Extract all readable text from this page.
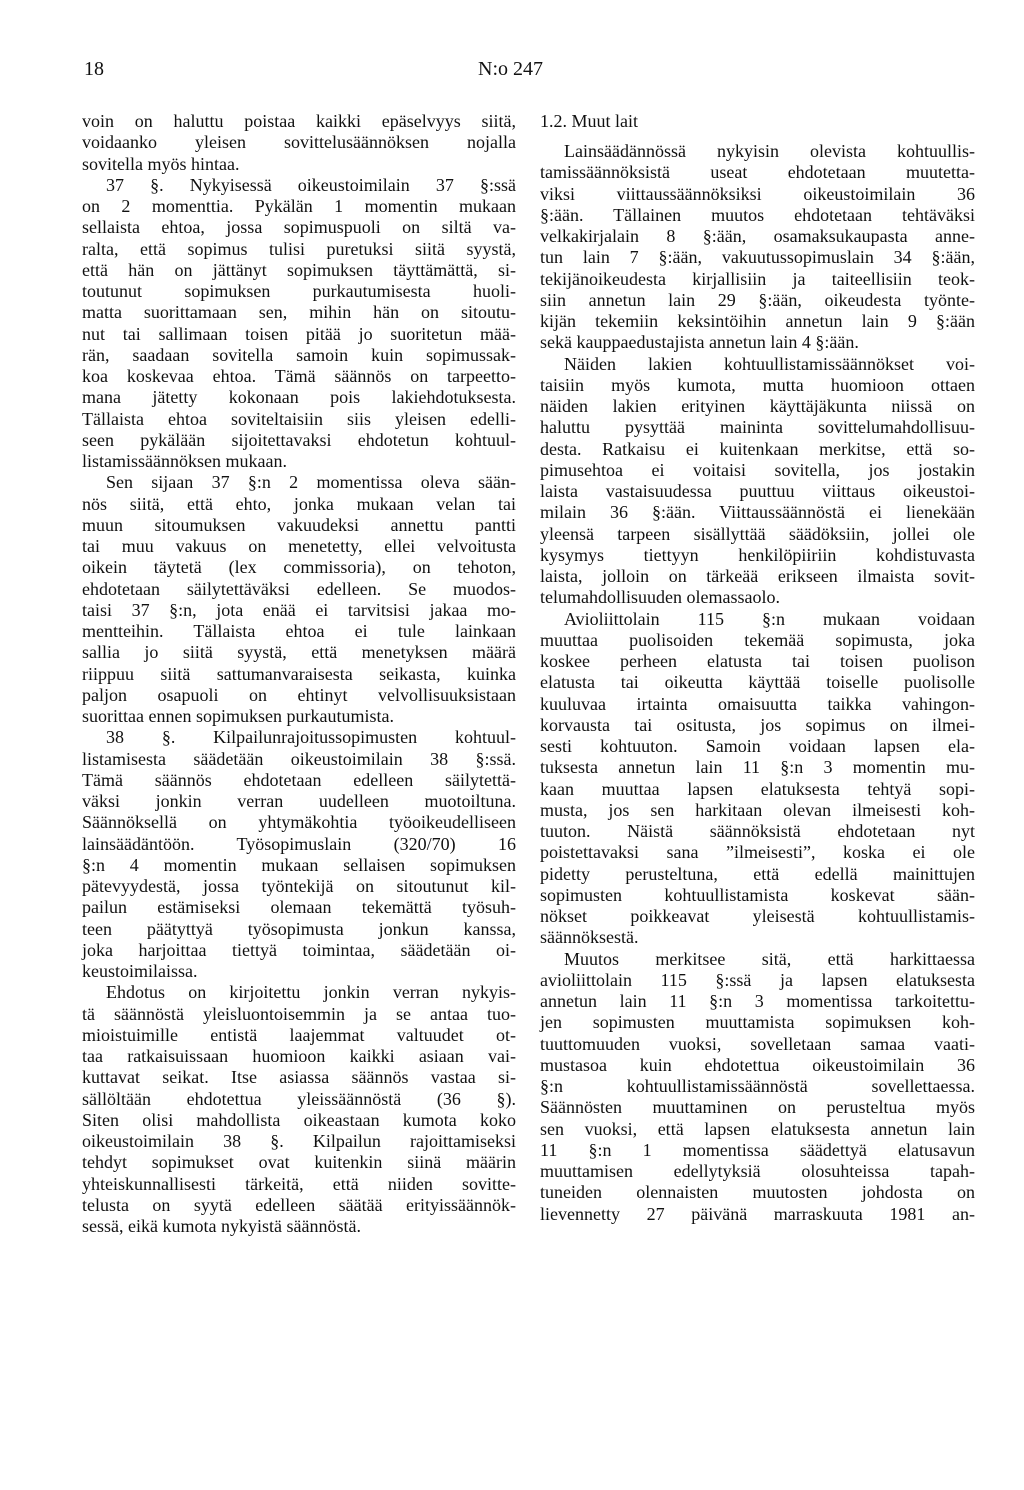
18	N:o 247
voin on haluttu poistaa kaikki epäselvyys siitä,
voidaanko yleisen sovittelusäännöksen nojalla
sovitella myös hintaa.
37 §. Nykyisessä oikeustoimilain 37 §:ssä
on 2 momenttia. Pykälän 1 momentin mukaan
sellaista ehtoa, jossa sopimuspuoli on siltä va-
ralta, että sopimus tulisi puretuksi siitä syystä,
että hän on jättänyt sopimuksen täyttämättä, si-
toutunut sopimuksen purkautumisesta huoli-
matta suorittamaan sen, mihin hän on sitoutu-
nut tai sallimaan toisen pitää jo suoritetun mää-
rän, saadaan sovitella samoin kuin sopimussak-
koa koskevaa ehtoa. Tämä säännös on tarpeetto-
mana jätetty kokonaan pois lakiehdotuksesta.
Tällaista ehtoa soviteltaisiin siis yleisen edelli-
seen pykälään sijoitettavaksi ehdotetun kohtuul-
listamissäännöksen mukaan.
Sen sijaan 37 §:n 2 momentissa oleva sään-
nös siitä, että ehto, jonka mukaan velan tai
muun sitoumuksen vakuudeksi annettu pantti
tai muu vakuus on menetetty, ellei velvoitusta
oikein täytetä (lex commissoria), on tehoton,
ehdotetaan säilytettäväksi edelleen. Se muodos-
taisi 37 §:n, jota enää ei tarvitsisi jakaa mo-
mentteihin. Tällaista ehtoa ei tule lainkaan
sallia jo siitä syystä, että menetyksen määrä
riippuu siitä sattumanvaraisesta seikasta, kuinka
paljon osapuoli on ehtinyt velvollisuuksistaan
suorittaa ennen sopimuksen purkautumista.
38 §. Kilpailunrajoitussopimusten kohtuul-
listamisesta säädetään oikeustoimilain 38 §:ssä.
Tämä säännös ehdotetaan edelleen säilytettä-
väksi jonkin verran uudelleen muotoiltuna.
Säännöksellä on yhtymäkohtia työoikeudelliseen
lainsäädäntöön. Työsopimuslain (320/70) 16
§:n 4 momentin mukaan sellaisen sopimuksen
pätevyydestä, jossa työntekijä on sitoutunut kil-
pailun estämiseksi olemaan tekemättä työsuh-
teen päätyttyä työsopimusta jonkun kanssa,
joka harjoittaa tiettyä toimintaa, säädetään oi-
keustoimilaissa.
Ehdotus on kirjoitettu jonkin verran nykyis-
tä säännöstä yleisluontoisemmin ja se antaa tuo-
mioistuimille entistä laajemmat valtuudet ot-
taa ratkaisuissaan huomioon kaikki asiaan vai-
kuttavat seikat. Itse asiassa säännös vastaa si-
sällöltään ehdotettua yleissäännöstä (36 §).
Siten olisi mahdollista oikeastaan kumota koko
oikeustoimilain 38 §. Kilpailun rajoittamiseksi
tehdyt sopimukset ovat kuitenkin siinä määrin
yhteiskunnallisesti tärkeitä, että niiden sovitte-
telusta on syytä edelleen säätää erityissäännök-
sessä, eikä kumota nykyistä säännöstä.
1.2. Muut lait
Lainsäädännössä nykyisin olevista kohtuullis-
tamissäännöksistä useat ehdotetaan muutetta-
viksi viittaussäännöksiksi oikeustoimilain 36
§:ään. Tällainen muutos ehdotetaan tehtäväksi
velkakirjalain 8 §:ään, osamaksukaupasta anne-
tun lain 7 §:ään, vakuutussopimuslain 34 §:ään,
tekijänoikeudesta kirjallisiin ja taiteellisiin teok-
siin annetun lain 29 §:ään, oikeudesta työnte-
kijän tekemiin keksintöihin annetun lain 9 §:ään
sekä kauppaedustajista annetun lain 4 §:ään.
Näiden lakien kohtuullistamissäännökset voi-
taisiin myös kumota, mutta huomioon ottaen
näiden lakien erityinen käyttäjäkunta niissä on
haluttu pysyttää maininta sovittelumahdollisuu-
desta. Ratkaisu ei kuitenkaan merkitse, että so-
pimusehtoa ei voitaisi sovitella, jos jostakin
laista vastaisuudessa puuttuu viittaus oikeustoi-
milain 36 §:ään. Viittaussäännöstä ei lienekään
yleensä tarpeen sisällyttää säädöksiin, jollei ole
kysymys tiettyyn henkilöpiiriin kohdistuvasta
laista, jolloin on tärkeää erikseen ilmaista sovit-
telumahdollisuuden olemassaolo.
Avioliittolain 115 §:n mukaan voidaan
muuttaa puolisoiden tekemää sopimusta, joka
koskee perheen elatusta tai toisen puolison
elatusta tai oikeutta käyttää toiselle puolisolle
kuuluvaa irtainta omaisuutta taikka vahingon-
korvausta tai ositusta, jos sopimus on ilmei-
sesti kohtuuton. Samoin voidaan lapsen ela-
tuksesta annetun lain 11 §:n 3 momentin mu-
kaan muuttaa lapsen elatuksesta tehtyä sopi-
musta, jos sen harkitaan olevan ilmeisesti koh-
tuuton. Näistä säännöksistä ehdotetaan nyt
poistettavaksi sana ”ilmeisesti”, koska ei ole
pidetty perusteltuna, että edellä mainittujen
sopimusten kohtuullistamista koskevat sään-
nökset poikkeavat yleisestä kohtuullistamis-
säännöksestä.
Muutos merkitsee sitä, että harkittaessa
avioliittolain 115 §:ssä ja lapsen elatuksesta
annetun lain 11 §:n 3 momentissa tarkoitettu-
jen sopimusten muuttamista sopimuksen koh-
tuuttomuuden vuoksi, sovelletaan samaa vaati-
mustasoa kuin ehdotettua oikeustoimilain 36
§:n kohtuullistamissäännöstä sovellettaessa.
Säännösten muuttaminen on perusteltua myös
sen vuoksi, että lapsen elatuksesta annetun lain
11 §:n 1 momentissa säädettyä elatusavun
muuttamisen edellytyksiä olosuhteissa tapah-
tuneiden olennaisten muutosten johdosta on
lievennetty 27 päivänä marraskuuta 1981 an-
